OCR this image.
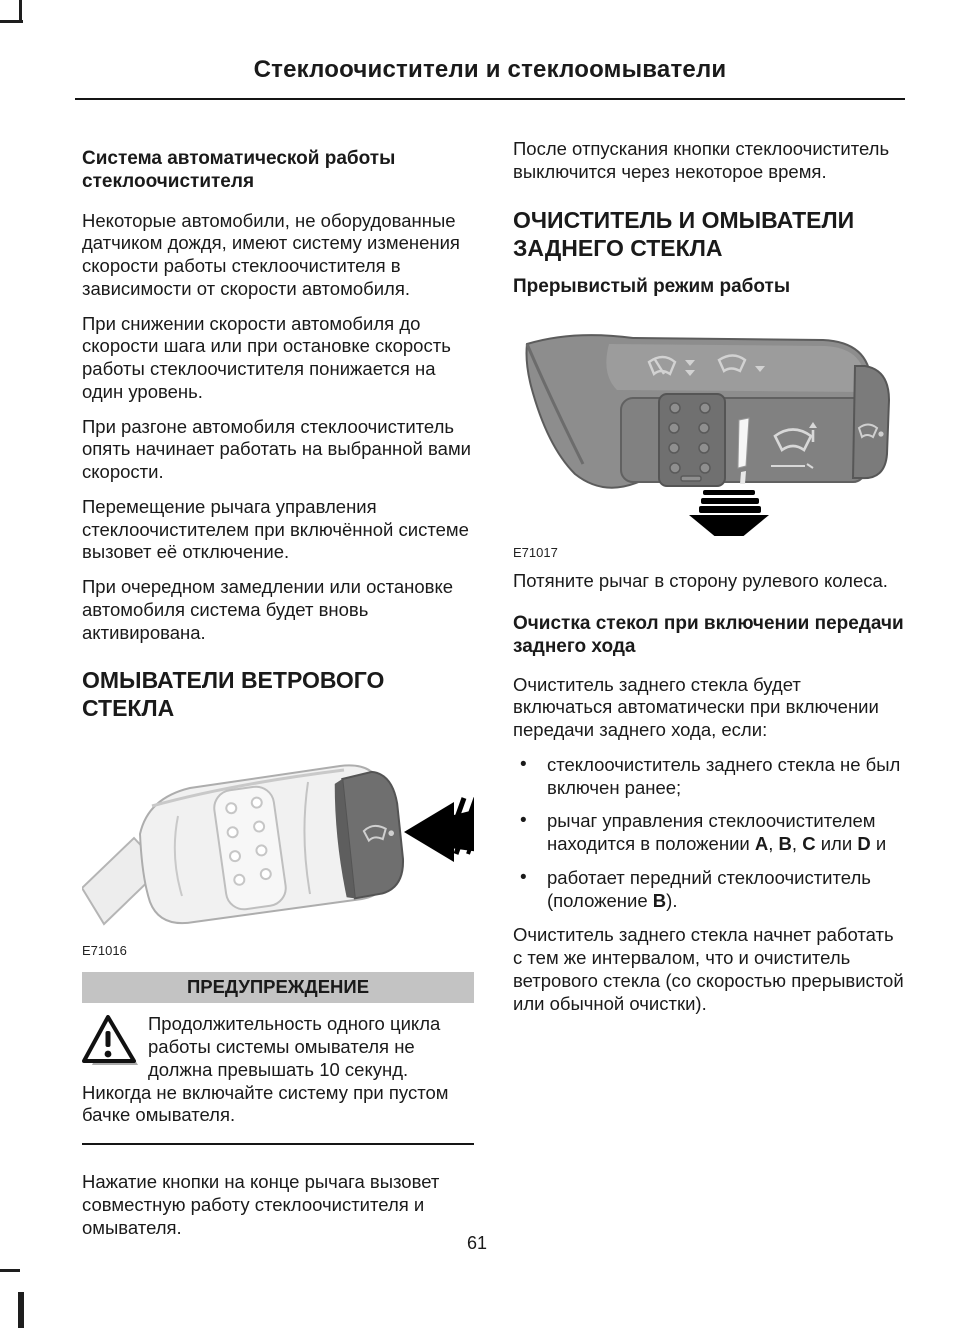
Стеклоочистители и стеклоомыватели
Система автоматической работы стеклоочистителя

Некоторые автомобили, не оборудованные датчиком дождя, имеют систему изменения скорости работы стеклоочистителя в зависимости от скорости автомобиля.

При снижении скорости автомобиля до скорости шага или при остановке скорость работы стеклоочистителя понижается на один уровень.

При разгоне автомобиля стеклоочиститель опять начинает работать на выбранной вами скорости.

Перемещение рычага управления стеклоочистителем при включённой системе вызовет её отключение.

При очередном замедлении или остановке автомобиля система будет вновь активирована.

ОМЫВАТЕЛИ ВЕТРОВОГО СТЕКЛА
E71016
ПРЕДУПРЕЖДЕНИЕ
Продолжительность одного цикла работы системы омывателя не должна превышать 10 секунд. Никогда не включайте систему при пустом бачке омывателя.

Нажатие кнопки на конце рычага вызовет совместную работу стеклоочистителя и омывателя.

После отпускания кнопки стеклоочиститель выключится через некоторое время.

ОЧИСТИТЕЛЬ И ОМЫВАТЕЛИ ЗАДНЕГО СТЕКЛА
Прерывистый режим работы
E71017

Потяните рычаг в сторону рулевого колеса.

Очистка стекол при включении передачи заднего хода

Очиститель заднего стекла будет включаться автоматически при включении передачи заднего хода, если:

• стеклоочиститель заднего стекла не был включен ранее;
• рычаг управления стеклоочистителем находится в положении A, B, C или D и
• работает передний стеклоочиститель (положение B).

Очиститель заднего стекла начнет работать с тем же интервалом, что и очиститель ветрового стекла (со скоростью прерывистой или обычной очистки).

61
